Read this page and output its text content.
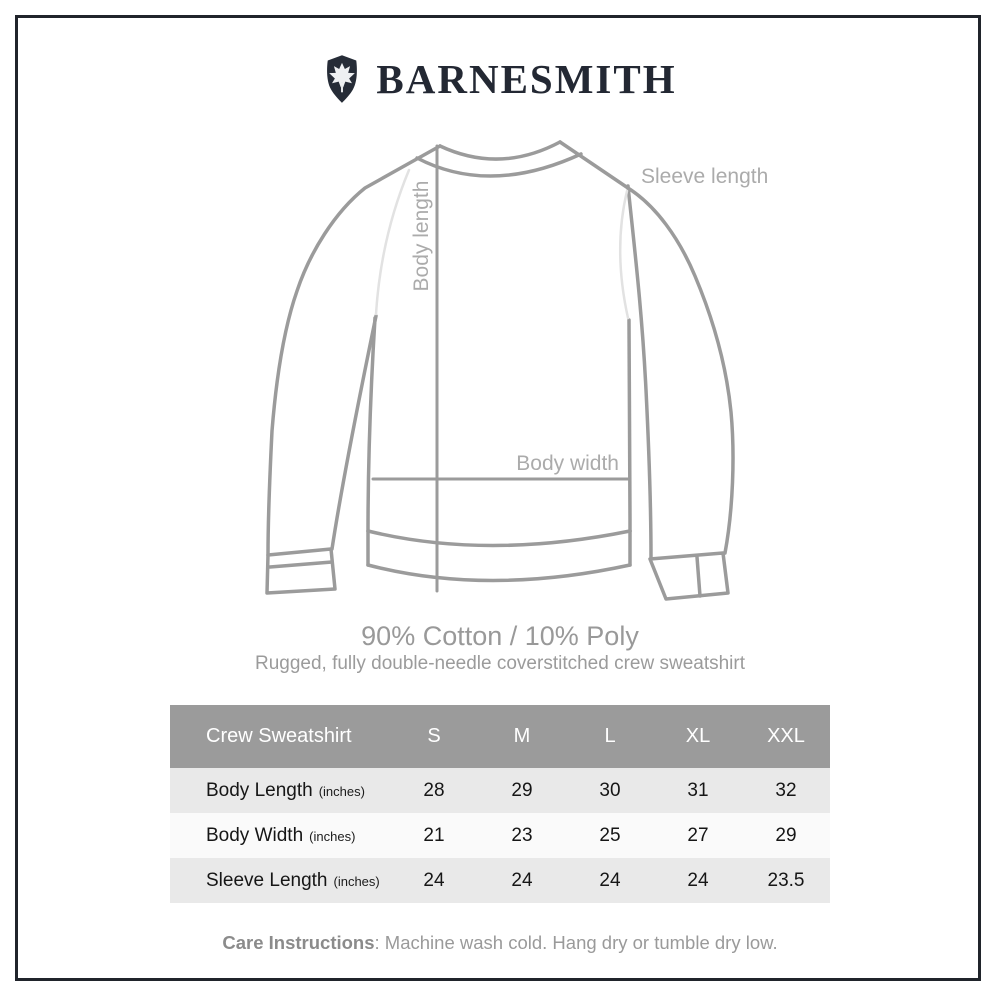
BARNESMITH
Body length
Sleeve length
Body width
90% Cotton / 10% Poly
Rugged, fully double-needle coverstitched crew sweatshirt
Crew Sweatshirt	S	M	L	XL	XXL
Body Length (inches)	28	29	30	31	32
Body Width (inches)	21	23	25	27	29
Sleeve Length (inches)	24	24	24	24	23.5
Care Instructions: Machine wash cold. Hang dry or tumble dry low.
